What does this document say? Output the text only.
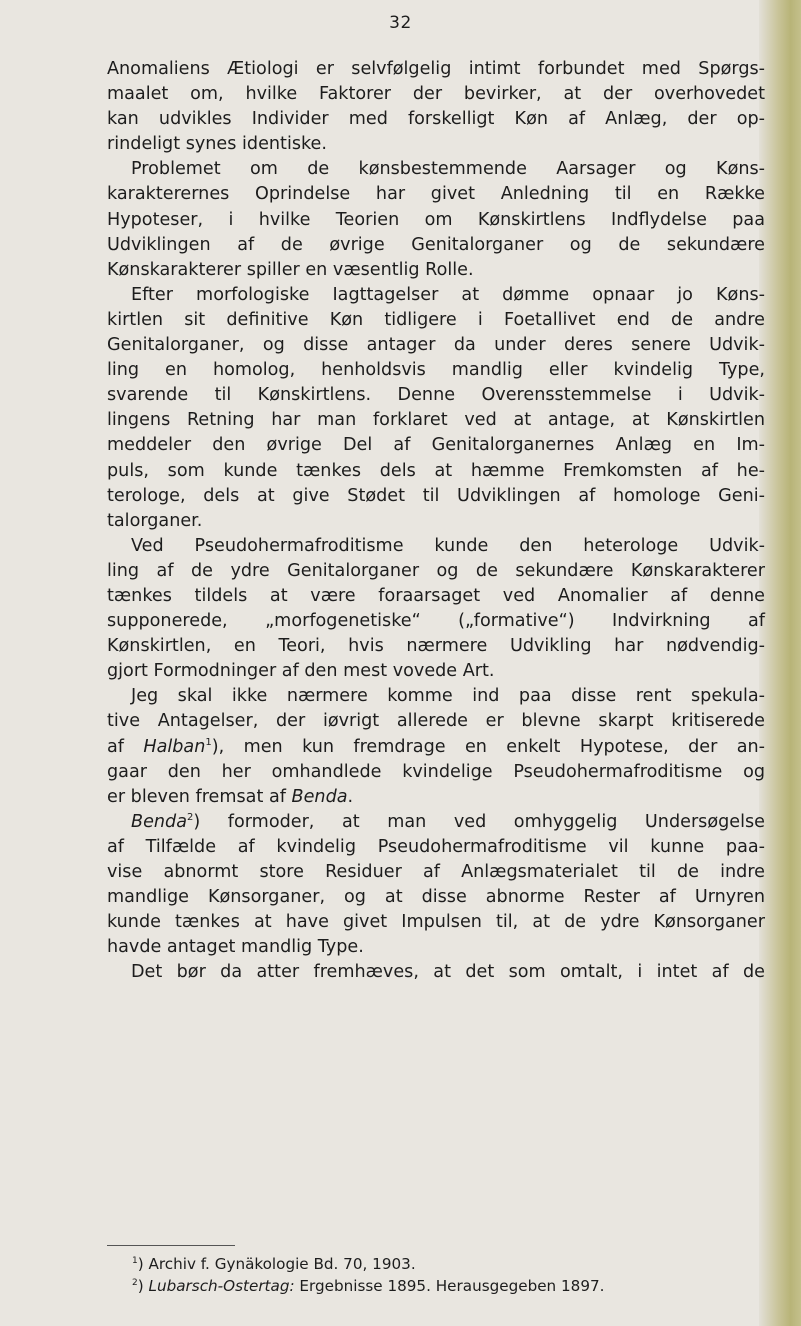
32
Anomaliens Ætiologi er selvfølgelig intimt forbundet med Spørgs-
maalet om, hvilke Faktorer der bevirker, at der overhovedet
kan udvikles Individer med forskelligt Køn af Anlæg, der op-
rindeligt synes identiske.
Problemet om de kønsbestemmende Aarsager og Køns-
karakterernes Oprindelse har givet Anledning til en Række
Hypoteser, i hvilke Teorien om Kønskirtlens Indflydelse paa
Udviklingen af de øvrige Genitalorganer og de sekundære
Kønskarakterer spiller en væsentlig Rolle.
Efter morfologiske Iagttagelser at dømme opnaar jo Køns-
kirtlen sit definitive Køn tidligere i Foetallivet end de andre
Genitalorganer, og disse antager da under deres senere Udvik-
ling en homolog, henholdsvis mandlig eller kvindelig Type,
svarende til Kønskirtlens. Denne Overensstemmelse i Udvik-
lingens Retning har man forklaret ved at antage, at Kønskirtlen
meddeler den øvrige Del af Genitalorganernes Anlæg en Im-
puls, som kunde tænkes dels at hæmme Fremkomsten af he-
terologe, dels at give Stødet til Udviklingen af homologe Geni-
talorganer.
Ved Pseudohermafroditisme kunde den heterologe Udvik-
ling af de ydre Genitalorganer og de sekundære Kønskarakterer
tænkes tildels at være foraarsaget ved Anomalier af denne
supponerede, „morfogenetiske“ („formative“) Indvirkning af
Kønskirtlen, en Teori, hvis nærmere Udvikling har nødvendig-
gjort Formodninger af den mest vovede Art.
Jeg skal ikke nærmere komme ind paa disse rent spekula-
tive Antagelser, der iøvrigt allerede er blevne skarpt kritiserede
af Halban$^1$), men kun fremdrage en enkelt Hypotese, der an-
gaar den her omhandlede kvindelige Pseudohermafroditisme og
er bleven fremsat af Benda.
Benda$^2$) formoder, at man ved omhyggelig Undersøgelse
af Tilfælde af kvindelig Pseudohermafroditisme vil kunne paa-
vise abnormt store Residuer af Anlægsmaterialet til de indre
mandlige Kønsorganer, og at disse abnorme Rester af Urnyren
kunde tænkes at have givet Impulsen til, at de ydre Kønsorganer
havde antaget mandlig Type.
Det bør da atter fremhæves, at det som omtalt, i intet af de
$^1$) Archiv f. Gynäkologie Bd. 70, 1903.
$^2$) Lubarsch-Ostertag: Ergebnisse 1895. Herausgegeben 1897.
